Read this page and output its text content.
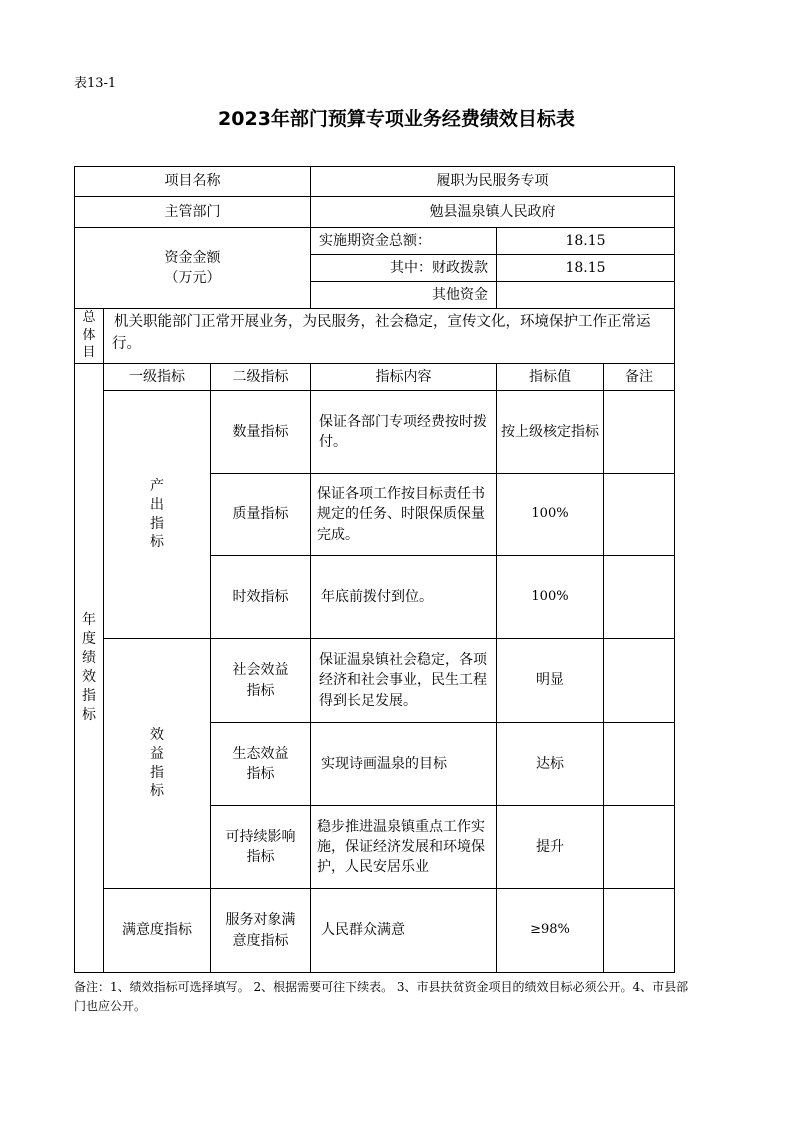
表13-1
2023年部门预算专项业务经费绩效目标表
项目名称			履职为民服务专项		
主管部门			勉县温泉镇人民政府		

资金金额
（万元）			实施期资金总额：	18.15	
			其中：财政拨款	18.15	
			其他资金		

总体目	机关职能部门正常开展业务，为民服务，社会稳定，宣传文化，环境保护工作正常运行。				

年度绩效指标	一级指标	二级指标	指标内容	指标值	备注

	产出指标	数量指标	保证各部门专项经费按时拨付。	按上级核定指标	
		质量指标	保证各项工作按目标责任书规定的任务、时限保质保量完成。	100%	
		时效指标	年底前拨付到位。	100%	

	效益指标	社会效益指标	保证温泉镇社会稳定，各项经济和社会事业，民生工程得到长足发展。	明显	
		生态效益指标	实现诗画温泉的目标	达标	
		可持续影响指标	稳步推进温泉镇重点工作实施，保证经济发展和环境保护，人民安居乐业	提升	
	满意度指标	服务对象满意度指标	人民群众满意	≥98%	
备注：1、绩效指标可选择填写。 2、根据需要可往下续表。 3、市县扶贫资金项目的绩效目标必须公开。4、市县部门也应公开。
